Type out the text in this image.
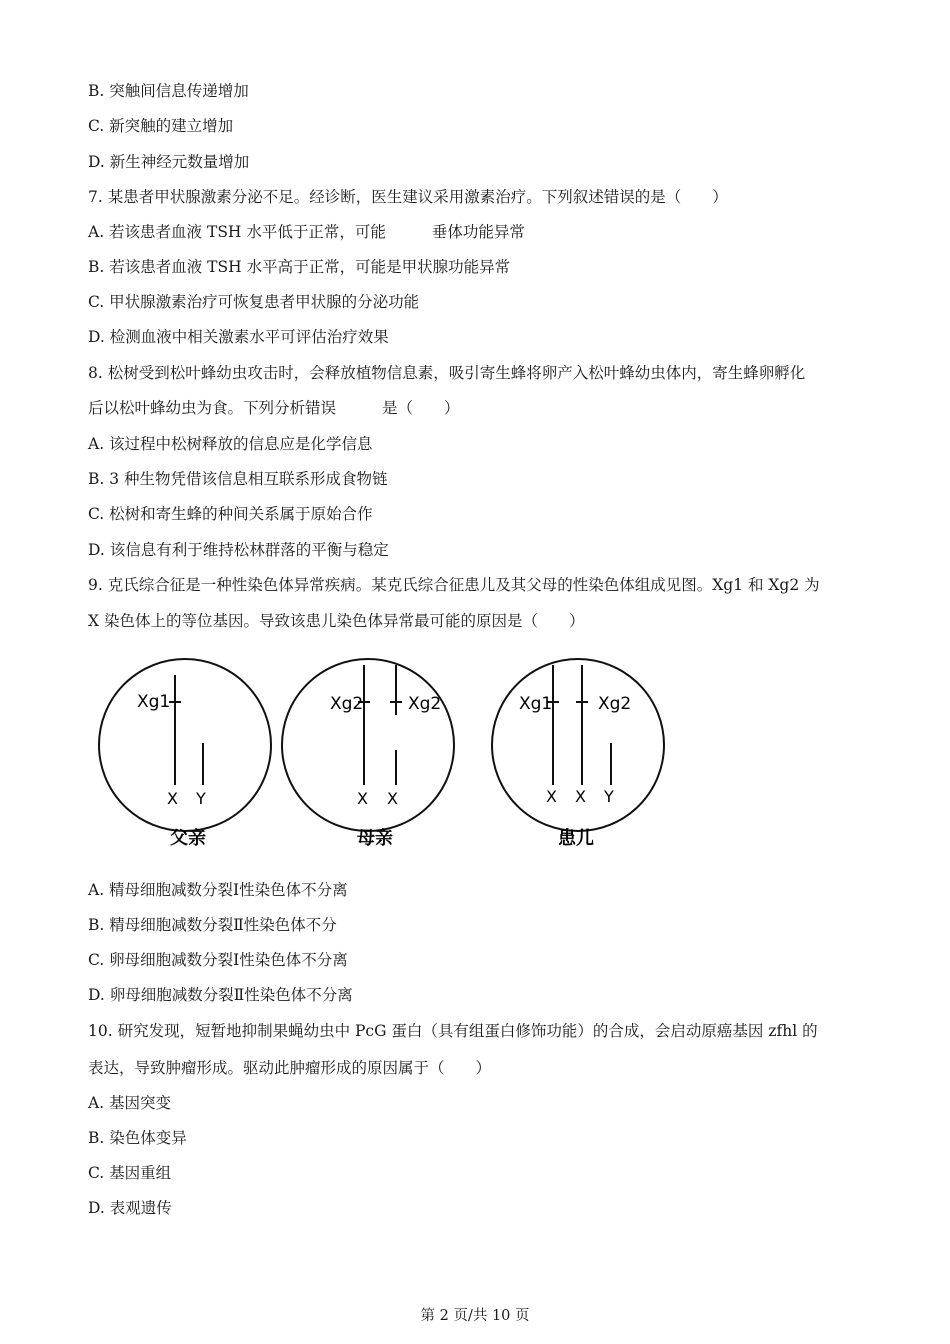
B. 突触间信息传递增加
C. 新突触的建立增加
D. 新生神经元数量增加
7. 某患者甲状腺激素分泌不足。经诊断，医生建议采用激素治疗。下列叙述错误的是（　　）
A. 若该患者血液 TSH 水平低于正常，可能	垂体功能异常
B. 若该患者血液 TSH 水平高于正常，可能是甲状腺功能异常
C. 甲状腺激素治疗可恢复患者甲状腺的分泌功能
D. 检测血液中相关激素水平可评估治疗效果
8. 松树受到松叶蜂幼虫攻击时，会释放植物信息素，吸引寄生蜂将卵产入松叶蜂幼虫体内，寄生蜂卵孵化
后以松叶蜂幼虫为食。下列分析错误	是（　　）
A. 该过程中松树释放的信息应是化学信息
B. 3 种生物凭借该信息相互联系形成食物链
C. 松树和寄生蜂的种间关系属于原始合作
D. 该信息有利于维持松林群落的平衡与稳定
9. 克氏综合征是一种性染色体异常疾病。某克氏综合征患儿及其父母的性染色体组成见图。Xg1 和 Xg2 为
X 染色体上的等位基因。导致该患儿染色体异常最可能的原因是（　　）
Xg1
X Y
父亲
Xg2	Xg2
X X
母亲
Xg1	Xg2
X X Y
患儿
A. 精母细胞减数分裂Ⅰ性染色体不分离
B. 精母细胞减数分裂Ⅱ性染色体不分
C. 卵母细胞减数分裂Ⅰ性染色体不分离
D. 卵母细胞减数分裂Ⅱ性染色体不分离
10. 研究发现，短暂地抑制果蝇幼虫中 PcG 蛋白（具有组蛋白修饰功能）的合成，会启动原癌基因 zfhl 的
表达，导致肿瘤形成。驱动此肿瘤形成的原因属于（　　）
A. 基因突变
B. 染色体变异
C. 基因重组
D. 表观遗传
第 2 页/共 10 页
